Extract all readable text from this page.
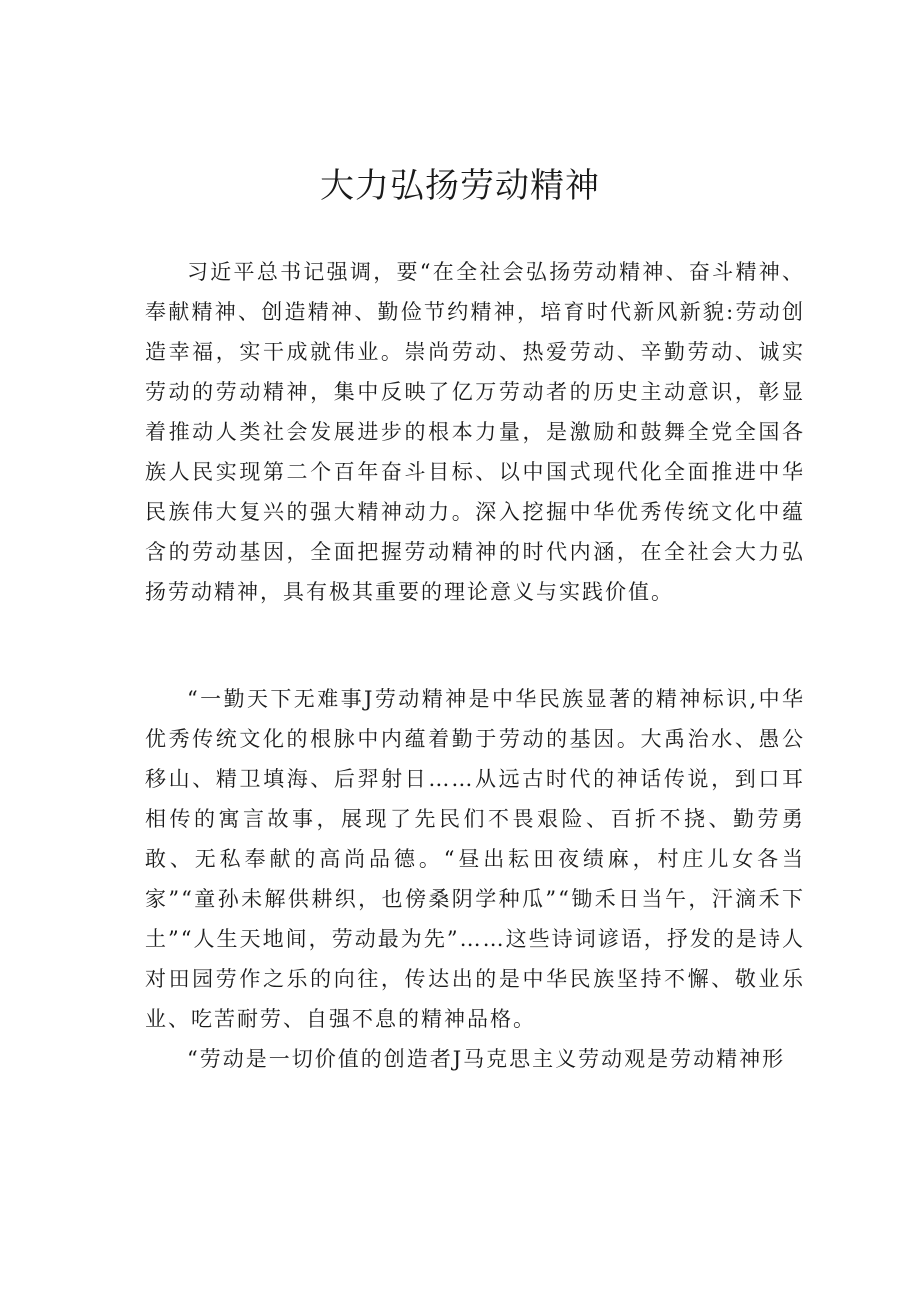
大力弘扬劳动精神

习近平总书记强调，要“在全社会弘扬劳动精神、奋斗精神、奉献精神、创造精神、勤俭节约精神，培育时代新风新貌:劳动创造幸福，实干成就伟业。崇尚劳动、热爱劳动、辛勤劳动、诚实劳动的劳动精神，集中反映了亿万劳动者的历史主动意识，彰显着推动人类社会发展进步的根本力量，是激励和鼓舞全党全国各族人民实现第二个百年奋斗目标、以中国式现代化全面推进中华民族伟大复兴的强大精神动力。深入挖掘中华优秀传统文化中蕴含的劳动基因，全面把握劳动精神的时代内涵，在全社会大力弘扬劳动精神，具有极其重要的理论意义与实践价值。

“一勤天下无难事J劳动精神是中华民族显著的精神标识,中华优秀传统文化的根脉中内蕴着勤于劳动的基因。大禹治水、愚公移山、精卫填海、后羿射日……从远古时代的神话传说，到口耳相传的寓言故事，展现了先民们不畏艰险、百折不挠、勤劳勇敢、无私奉献的高尚品德。“昼出耘田夜绩麻，村庄儿女各当家”“童孙未解供耕织，也傍桑阴学种瓜”“锄禾日当午，汗滴禾下土”“人生天地间，劳动最为先”……这些诗词谚语，抒发的是诗人对田园劳作之乐的向往，传达出的是中华民族坚持不懈、敬业乐业、吃苦耐劳、自强不息的精神品格。

“劳动是一切价值的创造者J马克思主义劳动观是劳动精神形
